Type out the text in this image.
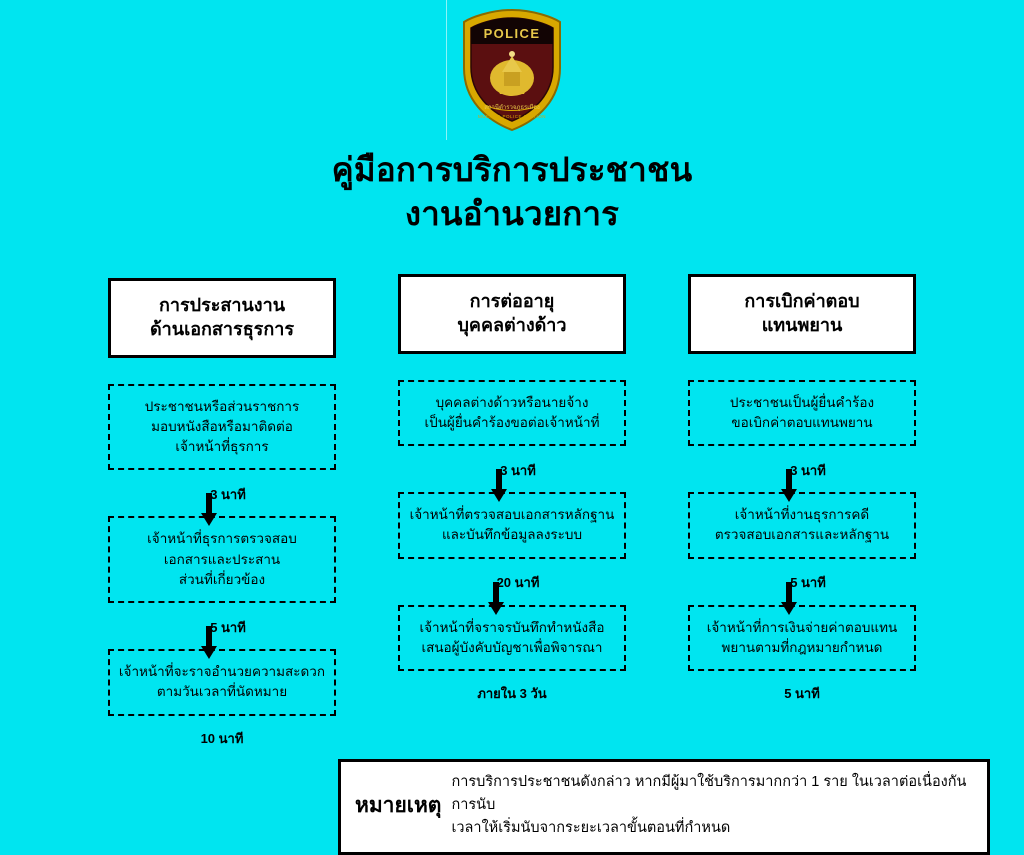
POLICE
สถานีตำรวจภูธรเมือง
MUEANG POLICE STATION
คู่มือการบริการประชาชน
งานอำนวยการ
การประสานงาน
ด้านเอกสารธุรการ
ประชาชนหรือส่วนราชการ
มอบหนังสือหรือมาติดต่อ
เจ้าหน้าที่ธุรการ
3 นาที
เจ้าหน้าที่ธุรการตรวจสอบ
เอกสารและประสาน
ส่วนที่เกี่ยวข้อง
5 นาที
เจ้าหน้าที่จะราจอำนวยความสะดวก
ตามวันเวลาที่นัดหมาย
10 นาที
การต่ออายุ
บุคคลต่างด้าว
บุคคลต่างด้าวหรือนายจ้าง
เป็นผู้ยื่นคำร้องขอต่อเจ้าหน้าที่
3 นาที
เจ้าหน้าที่ตรวจสอบเอกสารหลักฐาน
และบันทึกข้อมูลลงระบบ
20 นาที
เจ้าหน้าที่จราจรบันทึกทำหนังสือ
เสนอผู้บังคับบัญชาเพื่อพิจารณา
ภายใน 3 วัน
การเบิกค่าตอบ
แทนพยาน
ประชาชนเป็นผู้ยื่นคำร้อง
ขอเบิกค่าตอบแทนพยาน
3 นาที
เจ้าหน้าที่งานธุรการคดี
ตรวจสอบเอกสารและหลักฐาน
5 นาที
เจ้าหน้าที่การเงินจ่ายค่าตอบแทน
พยานตามที่กฎหมายกำหนด
5 นาที
หมายเหตุ
การบริการประชาชนดังกล่าว หากมีผู้มาใช้บริการมากกว่า 1 ราย ในเวลาต่อเนื่องกันการนับ
เวลาให้เริ่มนับจากระยะเวลาขั้นตอนที่กำหนด
